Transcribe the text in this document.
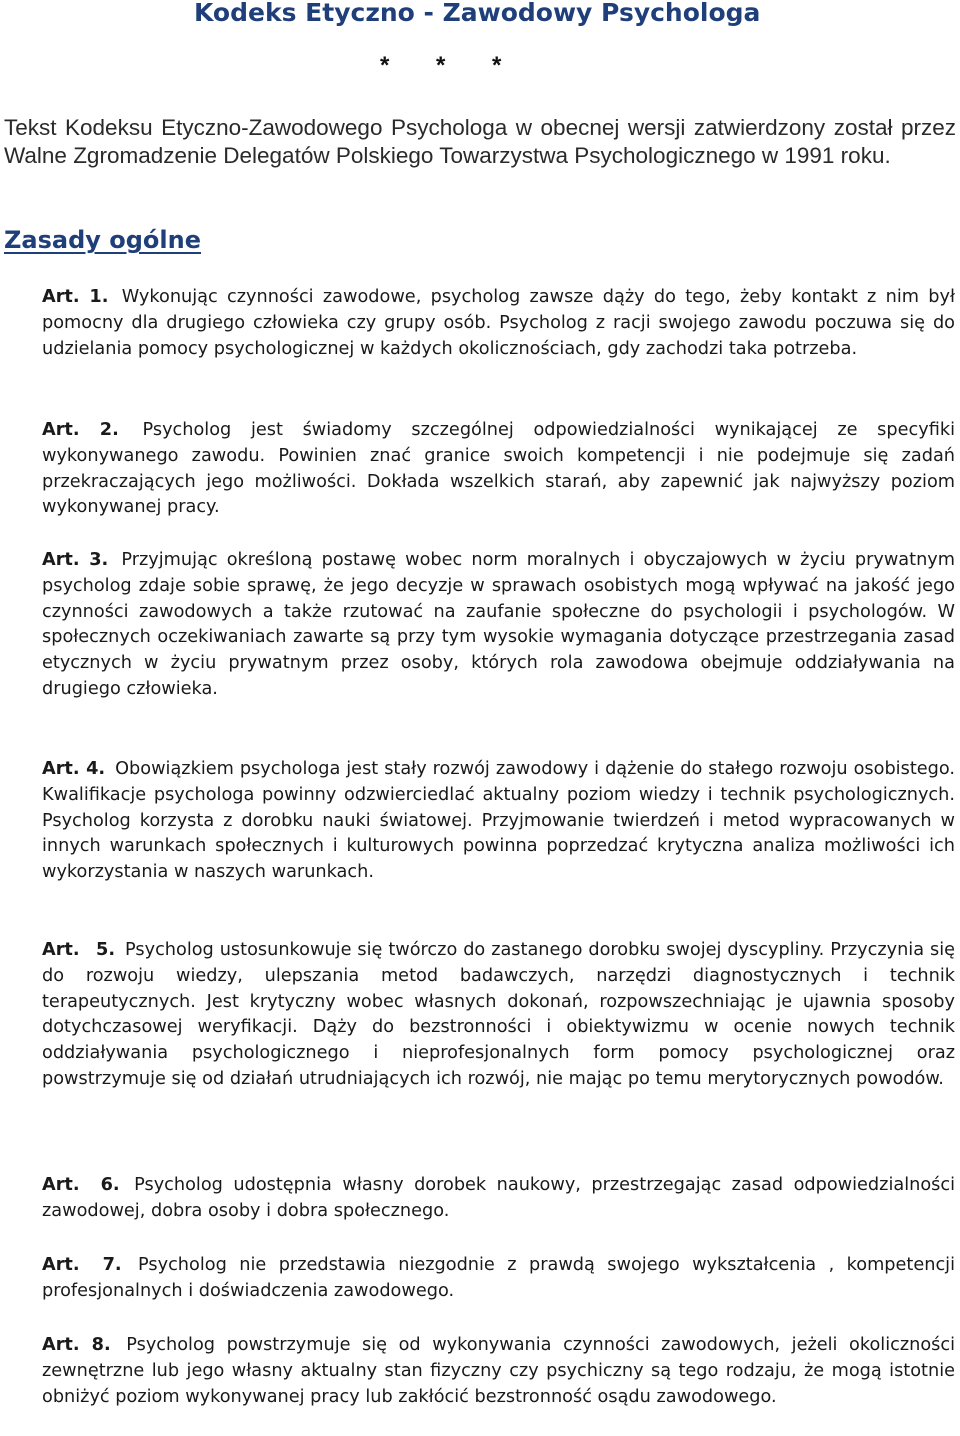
Kodeks Etyczno - Zawodowy Psychologa
* * *

Tekst Kodeksu Etyczno-Zawodowego Psychologa w obecnej wersji zatwierdzony został przez Walne Zgromadzenie Delegatów Polskiego Towarzystwa Psychologicznego w 1991 roku.

Zasady ogólne

Art. 1. Wykonując czynności zawodowe, psycholog zawsze dąży do tego, żeby kontakt z nim był pomocny dla drugiego człowieka czy grupy osób. Psycholog z racji swojego zawodu poczuwa się do udzielania pomocy psychologicznej w każdych okolicznościach, gdy zachodzi taka potrzeba.

Art. 2. Psycholog jest świadomy szczególnej odpowiedzialności wynikającej ze specyfiki wykonywanego zawodu. Powinien znać granice swoich kompetencji i nie podejmuje się zadań przekraczających jego możliwości. Dokłada wszelkich starań, aby zapewnić jak najwyższy poziom wykonywanej pracy.

Art. 3. Przyjmując określoną postawę wobec norm moralnych i obyczajowych w życiu prywatnym psycholog zdaje sobie sprawę, że jego decyzje w sprawach osobistych mogą wpływać na jakość jego czynności zawodowych a także rzutować na zaufanie społeczne do psychologii i psychologów. W społecznych oczekiwaniach zawarte są przy tym wysokie wymagania dotyczące przestrzegania zasad etycznych w życiu prywatnym przez osoby, których rola zawodowa obejmuje oddziaływania na drugiego człowieka.

Art. 4. Obowiązkiem psychologa jest stały rozwój zawodowy i dążenie do stałego rozwoju osobistego. Kwalifikacje psychologa powinny odzwierciedlać aktualny poziom wiedzy i technik psychologicznych. Psycholog korzysta z dorobku nauki światowej. Przyjmowanie twierdzeń i metod wypracowanych w innych warunkach społecznych i kulturowych powinna poprzedzać krytyczna analiza możliwości ich wykorzystania w naszych warunkach.

Art. 5. Psycholog ustosunkowuje się twórczo do zastanego dorobku swojej dyscypliny. Przyczynia się do rozwoju wiedzy, ulepszania metod badawczych, narzędzi diagnostycznych i technik terapeutycznych. Jest krytyczny wobec własnych dokonań, rozpowszechniając je ujawnia sposoby dotychczasowej weryfikacji. Dąży do bezstronności i obiektywizmu w ocenie nowych technik oddziaływania psychologicznego i nieprofesjonalnych form pomocy psychologicznej oraz powstrzymuje się od działań utrudniających ich rozwój, nie mając po temu merytorycznych powodów.

Art. 6. Psycholog udostępnia własny dorobek naukowy, przestrzegając zasad odpowiedzialności zawodowej, dobra osoby i dobra społecznego.

Art. 7. Psycholog nie przedstawia niezgodnie z prawdą swojego wykształcenia , kompetencji profesjonalnych i doświadczenia zawodowego.

Art. 8. Psycholog powstrzymuje się od wykonywania czynności zawodowych, jeżeli okoliczności zewnętrzne lub jego własny aktualny stan fizyczny czy psychiczny są tego rodzaju, że mogą istotnie obniżyć poziom wykonywanej pracy lub zakłócić bezstronność osądu zawodowego.
